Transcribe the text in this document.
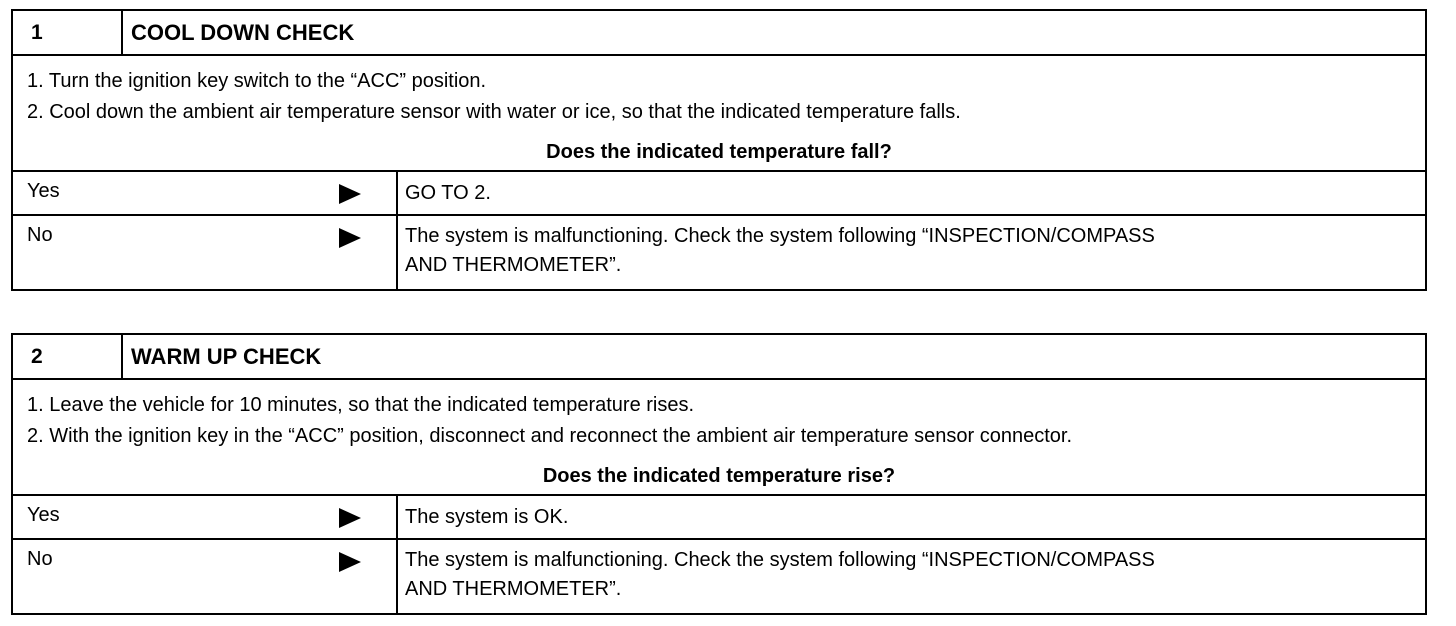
1	COOL DOWN CHECK
1. Turn the ignition key switch to the “ACC” position.
2. Cool down the ambient air temperature sensor with water or ice, so that the indicated temperature falls.
Does the indicated temperature fall?
Yes	GO TO 2.
No	The system is malfunctioning. Check the system following “INSPECTION/COMPASS
AND THERMOMETER”.
2	WARM UP CHECK
1. Leave the vehicle for 10 minutes, so that the indicated temperature rises.
2. With the ignition key in the “ACC” position, disconnect and reconnect the ambient air temperature sensor connector.
Does the indicated temperature rise?
Yes	The system is OK.
No	The system is malfunctioning. Check the system following “INSPECTION/COMPASS
AND THERMOMETER”.
